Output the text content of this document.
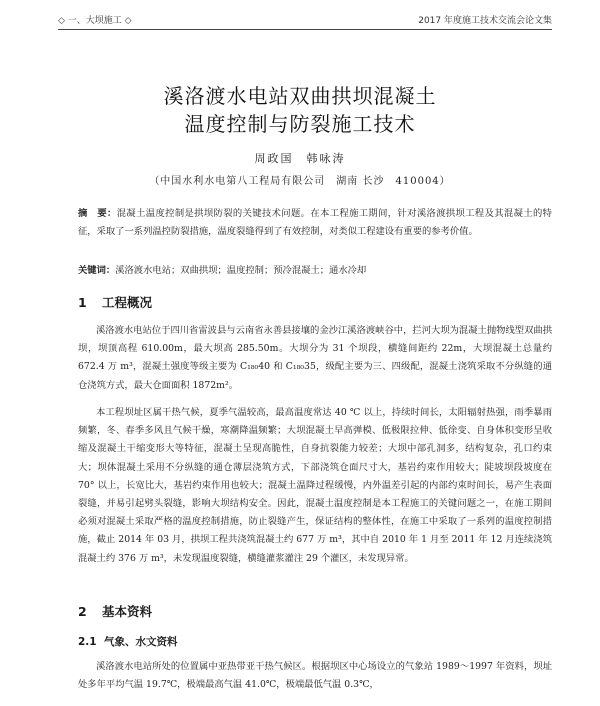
◇ 一、大坝施工 ◇	2017 年度施工技术交流会论文集
溪洛渡水电站双曲拱坝混凝土
温度控制与防裂施工技术
周政国　韩咏涛
（中国水利水电第八工程局有限公司　湖南 长沙　410004）
摘　要：混凝土温度控制是拱坝防裂的关键技术问题。在本工程施工期间，针对溪洛渡拱坝工程及其混凝土的特征，采取了一系列温控防裂措施，温度裂缝得到了有效控制，对类似工程建设有重要的参考价值。
关键词：溪洛渡水电站；双曲拱坝；温度控制；预冷混凝土；通水冷却
1 工程概况
溪洛渡水电站位于四川省雷波县与云南省永善县接壤的金沙江溪洛渡峡谷中，拦河大坝为混凝土抛物线型双曲拱坝，坝顶高程 610.00m，最大坝高 285.50m。大坝分为 31 个坝段，横缝间距约 22m，大坝混凝土总量约 672.4 万 m³，混凝土强度等级主要为 C₁₈₀40 和 C₁₈₀35，级配主要为三、四级配，混凝土浇筑采取不分纵缝的通仓浇筑方式，最大仓面面积 1872m²。
本工程坝址区属干热气候，夏季气温较高，最高温度常达 40 ℃ 以上，持续时间长，太阳辐射热强，雨季暴雨频繁，冬、春季多风且气候干燥，寒潮降温频繁；大坝混凝土早高弹模、低极限拉伸、低徐变、自身体积变形呈收缩及混凝土干缩变形大等特征，混凝土呈现高脆性，自身抗裂能力较差；大坝中部孔洞多，结构复杂，孔口约束大；坝体混凝土采用不分纵缝的通仓薄层浇筑方式，下部浇筑仓面尺寸大，基岩约束作用较大；陡坡坝段坡度在 70° 以上，长宽比大，基岩约束作用也较大；混凝土温降过程缓慢，内外温差引起的内部约束时间长，易产生表面裂缝，并易引起劈头裂缝，影响大坝结构安全。因此，混凝土温度控制是本工程施工的关键问题之一，在施工期间必须对混凝土采取严格的温度控制措施，防止裂缝产生，保证结构的整体性，在施工中采取了一系列的温度控制措施，截止 2014 年 03 月，拱坝工程共浇筑混凝土约 677 万 m³，其中自 2010 年 1 月至 2011 年 12 月连续浇筑混凝土约 376 万 m³，未发现温度裂缝，横缝灌浆灌注 29 个灌区，未发现异常。
2 基本资料
2.1 气象、水文资料
溪洛渡水电站所处的位置属中亚热带亚干热气候区。根据坝区中心场设立的气象站 1989～1997 年资料，坝址处多年平均气温 19.7℃，极端最高气温 41.0℃，极端最低气温 0.3℃，
